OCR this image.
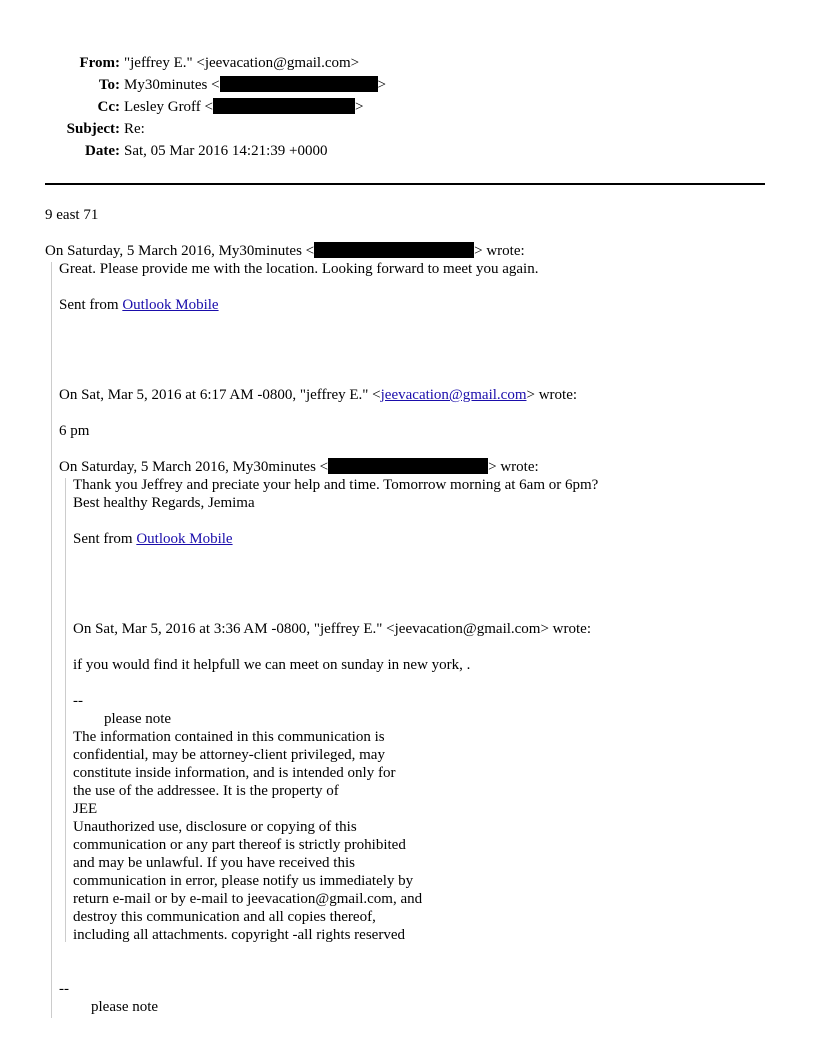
From: "jeffrey E." <jeevacation@gmail.com>
To: My30minutes <	>
Cc: Lesley Groff <	>
Subject: Re:
Date: Sat, 05 Mar 2016 14:21:39 +0000
9 east 71
On Saturday, 5 March 2016, My30minutes <	> wrote:
Great. Please provide me with the location. Looking forward to meet you again.
Sent from Outlook Mobile
On Sat, Mar 5, 2016 at 6:17 AM -0800, "jeffrey E." <jeevacation@gmail.com> wrote:
6 pm
On Saturday, 5 March 2016, My30minutes <	> wrote:
Thank you Jeffrey and preciate your help and time. Tomorrow morning at 6am or 6pm?
Best healthy Regards, Jemima
Sent from Outlook Mobile
On Sat, Mar 5, 2016 at 3:36 AM -0800, "jeffrey E." <jeevacation@gmail.com> wrote:
if you would find it helpfull we can meet on sunday in new york, .
--
please note
The information contained in this communication is
confidential, may be attorney-client privileged, may
constitute inside information, and is intended only for
the use of the addressee. It is the property of
JEE
Unauthorized use, disclosure or copying of this
communication or any part thereof is strictly prohibited
and may be unlawful. If you have received this
communication in error, please notify us immediately by
return e-mail or by e-mail to jeevacation@gmail.com, and
destroy this communication and all copies thereof,
including all attachments. copyright -all rights reserved
--
please note
